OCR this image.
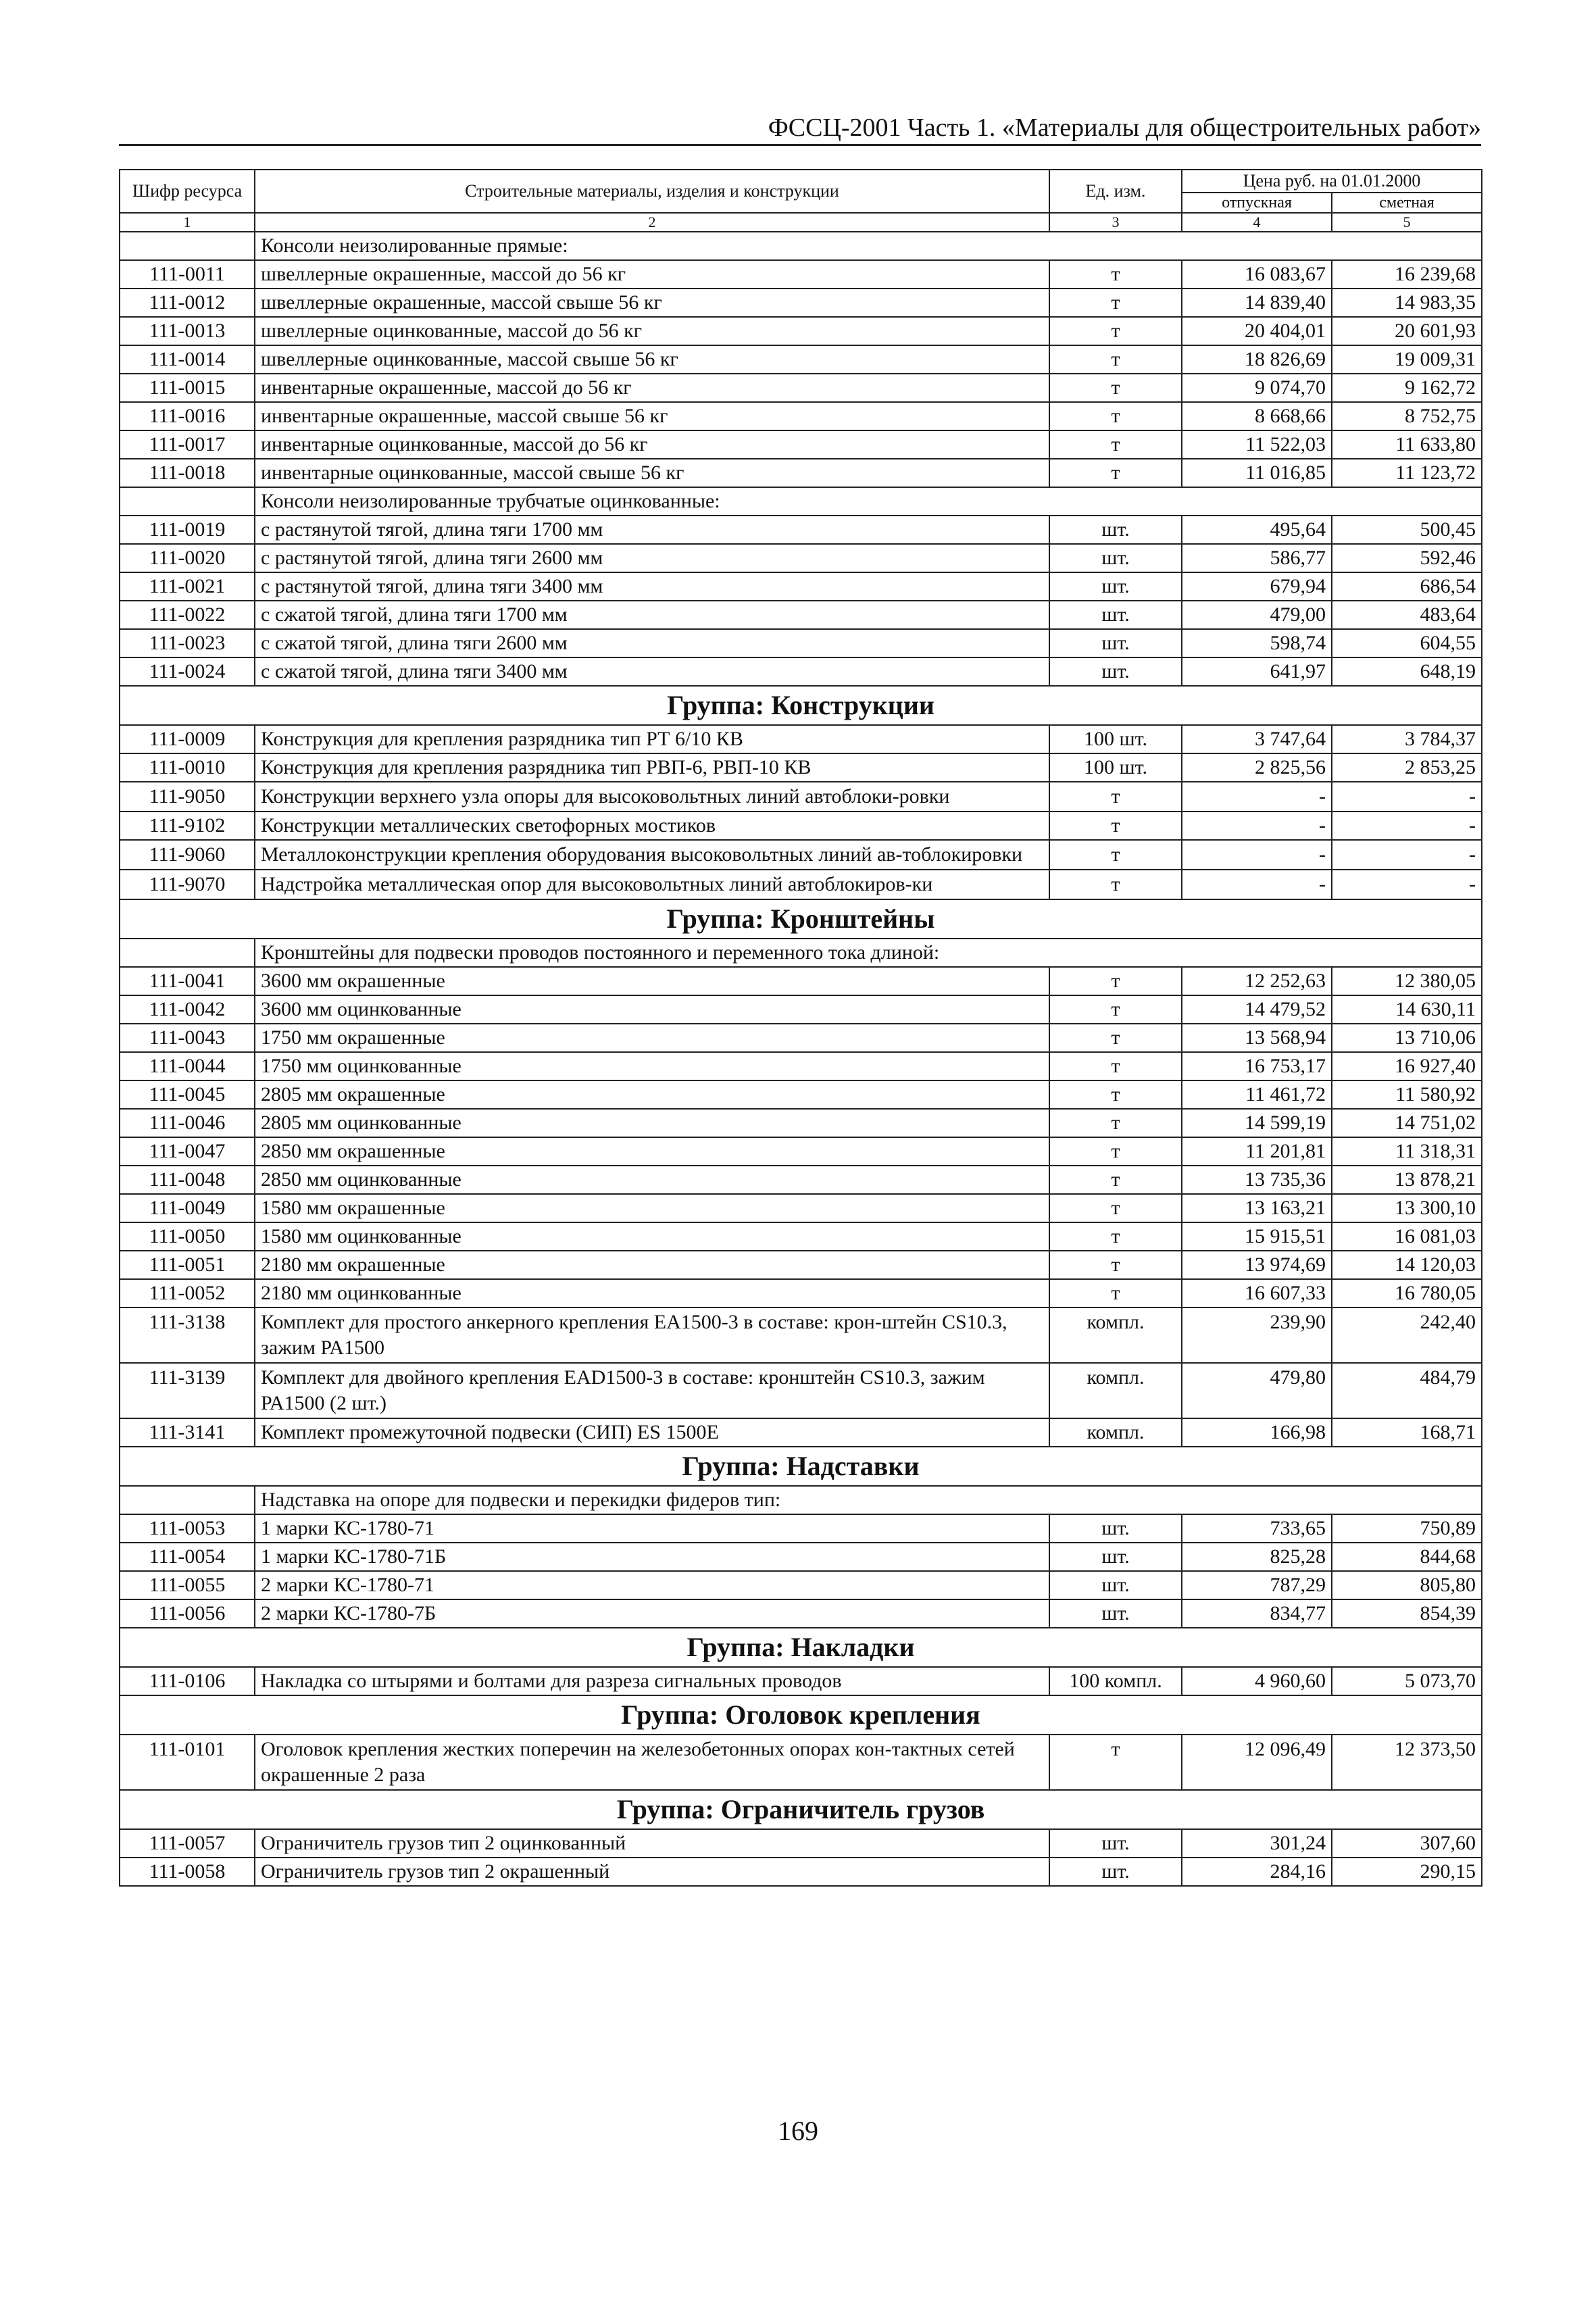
ФССЦ-2001 Часть 1. «Материалы для общестроительных работ»
Шифр ресурса	Строительные материалы, изделия и конструкции	Ед. изм.	Цена руб. на 01.01.2000	
			отпускная	сметная
1	2	3	4	5
	Консоли неизолированные прямые:			
111-0011	швеллерные окрашенные, массой до 56 кг	т	16 083,67	16 239,68
111-0012	швеллерные окрашенные, массой свыше 56 кг	т	14 839,40	14 983,35
111-0013	швеллерные оцинкованные, массой до 56 кг	т	20 404,01	20 601,93
111-0014	швеллерные оцинкованные, массой свыше 56 кг	т	18 826,69	19 009,31
111-0015	инвентарные окрашенные, массой до 56 кг	т	9 074,70	9 162,72
111-0016	инвентарные окрашенные, массой свыше 56 кг	т	8 668,66	8 752,75
111-0017	инвентарные оцинкованные, массой до 56 кг	т	11 522,03	11 633,80
111-0018	инвентарные оцинкованные, массой свыше 56 кг	т	11 016,85	11 123,72
	Консоли неизолированные трубчатые оцинкованные:			
111-0019	с растянутой тягой, длина тяги 1700 мм	шт.	495,64	500,45
111-0020	с растянутой тягой, длина тяги 2600 мм	шт.	586,77	592,46
111-0021	с растянутой тягой, длина тяги 3400 мм	шт.	679,94	686,54
111-0022	с сжатой тягой, длина тяги 1700 мм	шт.	479,00	483,64
111-0023	с сжатой тягой, длина тяги 2600 мм	шт.	598,74	604,55
111-0024	с сжатой тягой, длина тяги 3400 мм	шт.	641,97	648,19
Группа: Конструкции				
111-0009	Конструкция для крепления разрядника тип РТ 6/10 КВ	100 шт.	3 747,64	3 784,37
111-0010	Конструкция для крепления разрядника тип РВП-6, РВП-10 КВ	100 шт.	2 825,56	2 853,25
111-9050	Конструкции верхнего узла опоры для высоковольтных линий автоблоки-ровки	т	-	-
111-9102	Конструкции металлических светофорных мостиков	т	-	-
111-9060	Металлоконструкции крепления оборудования высоковольтных линий ав-тоблокировки	т	-	-
111-9070	Надстройка металлическая опор для высоковольтных линий автоблокиров-ки	т	-	-
Группа: Кронштейны				
	Кронштейны для подвески проводов постоянного и переменного тока длиной:			
111-0041	3600 мм окрашенные	т	12 252,63	12 380,05
111-0042	3600 мм оцинкованные	т	14 479,52	14 630,11
111-0043	1750 мм окрашенные	т	13 568,94	13 710,06
111-0044	1750 мм оцинкованные	т	16 753,17	16 927,40
111-0045	2805 мм окрашенные	т	11 461,72	11 580,92
111-0046	2805 мм оцинкованные	т	14 599,19	14 751,02
111-0047	2850 мм окрашенные	т	11 201,81	11 318,31
111-0048	2850 мм оцинкованные	т	13 735,36	13 878,21
111-0049	1580 мм окрашенные	т	13 163,21	13 300,10
111-0050	1580 мм оцинкованные	т	15 915,51	16 081,03
111-0051	2180 мм окрашенные	т	13 974,69	14 120,03
111-0052	2180 мм оцинкованные	т	16 607,33	16 780,05
111-3138	Комплект для простого анкерного крепления ЕА1500-3 в составе: крон-штейн CS10.3, зажим РА1500	компл.	239,90	242,40
111-3139	Комплект для двойного крепления EAD1500-3 в составе: кронштейн CS10.3, зажим РА1500 (2 шт.)	компл.	479,80	484,79
111-3141	Комплект промежуточной подвески (СИП) ES 1500Е	компл.	166,98	168,71
Группа: Надставки				
	Надставка на опоре для подвески и перекидки фидеров тип:			
111-0053	1 марки КС-1780-71	шт.	733,65	750,89
111-0054	1 марки КС-1780-71Б	шт.	825,28	844,68
111-0055	2 марки КС-1780-71	шт.	787,29	805,80
111-0056	2 марки КС-1780-7Б	шт.	834,77	854,39
Группа: Накладки				
111-0106	Накладка со штырями и болтами для разреза сигнальных проводов	100 компл.	4 960,60	5 073,70
Группа: Оголовок крепления				
111-0101	Оголовок крепления жестких поперечин на железобетонных опорах кон-тактных сетей окрашенные 2 раза	т	12 096,49	12 373,50
Группа: Ограничитель грузов				
111-0057	Ограничитель грузов тип 2 оцинкованный	шт.	301,24	307,60
111-0058	Ограничитель грузов тип 2 окрашенный	шт.	284,16	290,15
169
